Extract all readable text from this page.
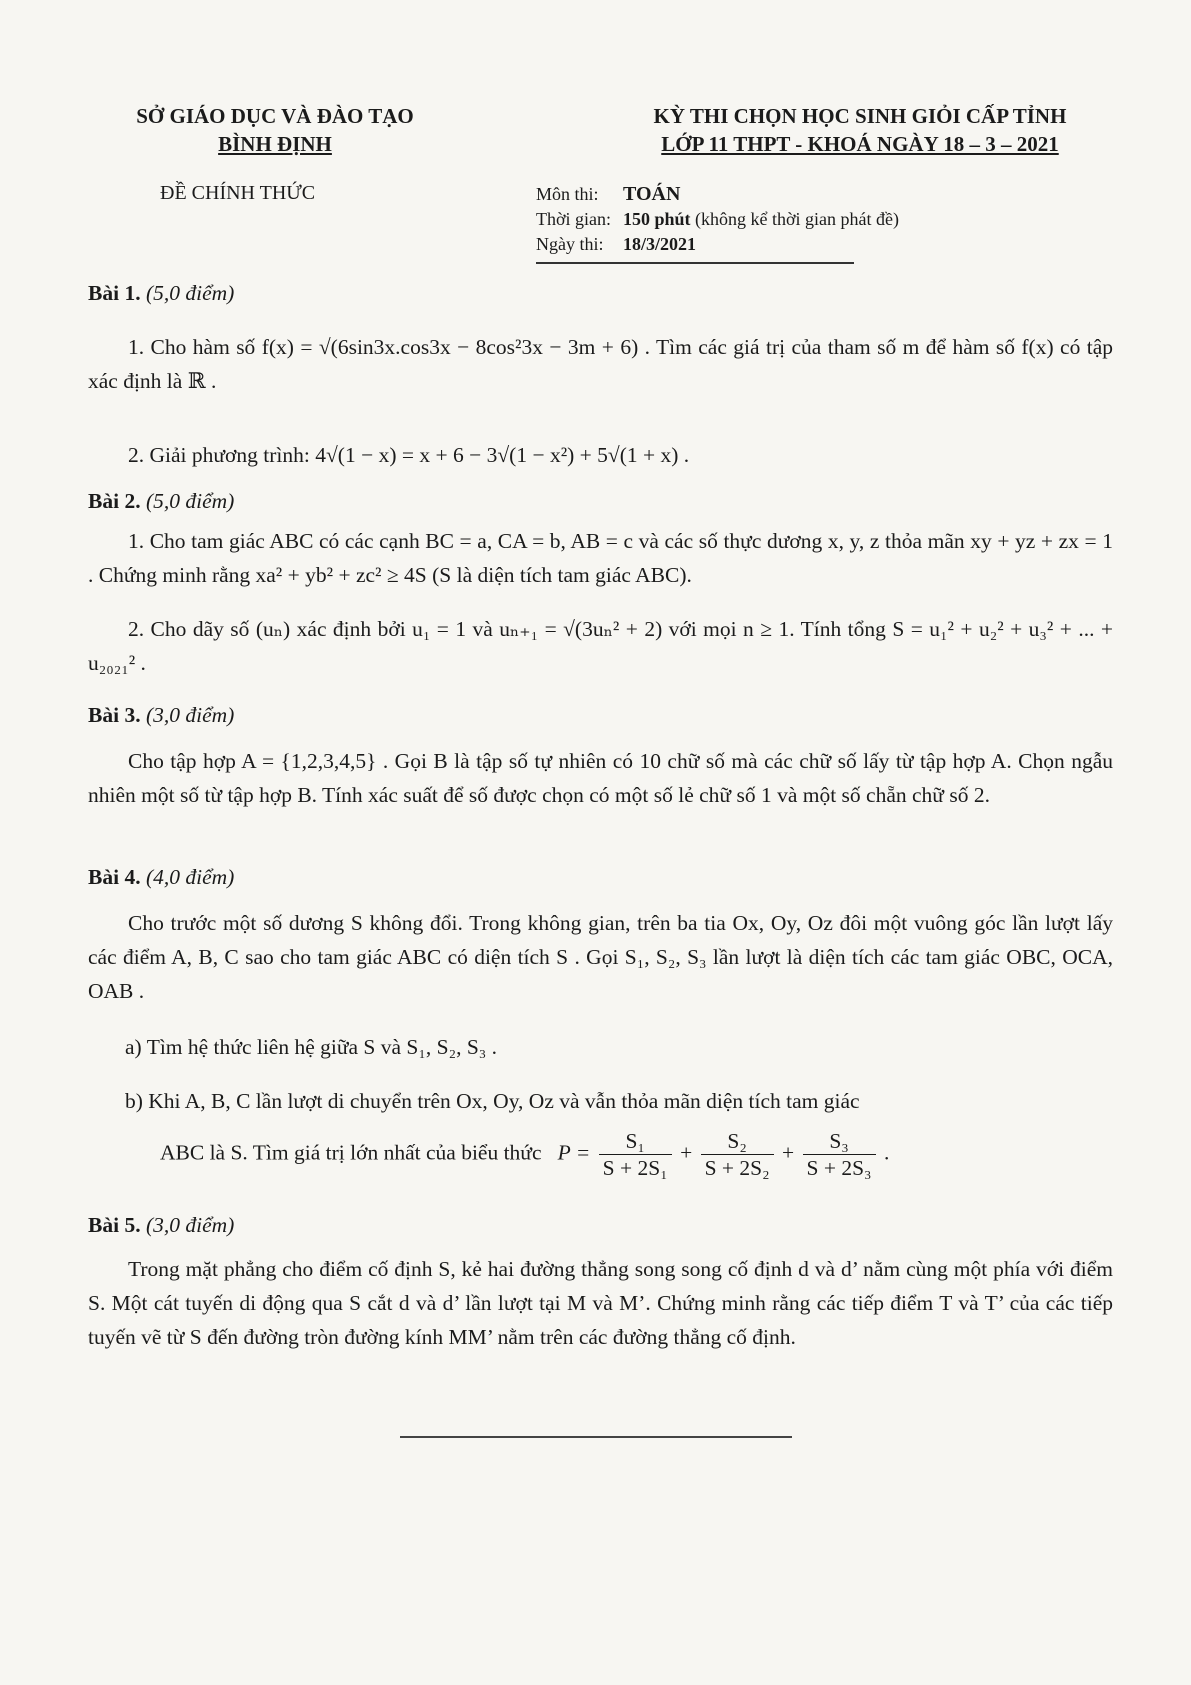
SỞ GIÁO DỤC VÀ ĐÀO TẠO
BÌNH ĐỊNH
KỲ THI CHỌN HỌC SINH GIỎI CẤP TỈNH
LỚP 11 THPT - KHOÁ NGÀY 18 – 3 – 2021
ĐỀ CHÍNH THỨC	Môn thi:	TOÁN
Thời gian:	150 phút (không kể thời gian phát đề)
Ngày thi:	18/3/2021
Bài 1. (5,0 điểm)
1. Cho hàm số f(x) = √(6sin3x.cos3x − 8cos²3x − 3m + 6) . Tìm các giá trị của tham số m để hàm số f(x) có tập xác định là ℝ .
2. Giải phương trình: 4√(1 − x) = x + 6 − 3√(1 − x²) + 5√(1 + x) .
Bài 2. (5,0 điểm)
1. Cho tam giác ABC có các cạnh BC = a, CA = b, AB = c và các số thực dương x, y, z thỏa mãn xy + yz + zx = 1 . Chứng minh rằng xa² + yb² + zc² ≥ 4S (S là diện tích tam giác ABC).
2. Cho dãy số (uₙ) xác định bởi u₁ = 1 và uₙ₊₁ = √(3uₙ² + 2) với mọi n ≥ 1. Tính tổng S = u₁² + u₂² + u₃² + ... + u₂₀₂₁² .
Bài 3. (3,0 điểm)
Cho tập hợp A = {1,2,3,4,5} . Gọi B là tập số tự nhiên có 10 chữ số mà các chữ số lấy từ tập hợp A. Chọn ngẫu nhiên một số từ tập hợp B. Tính xác suất để số được chọn có một số lẻ chữ số 1 và một số chẵn chữ số 2.
Bài 4. (4,0 điểm)
Cho trước một số dương S không đổi. Trong không gian, trên ba tia Ox, Oy, Oz đôi một vuông góc lần lượt lấy các điểm A, B, C sao cho tam giác ABC có diện tích S . Gọi S₁, S₂, S₃ lần lượt là diện tích các tam giác OBC, OCA, OAB .
a) Tìm hệ thức liên hệ giữa S và S₁, S₂, S₃ .
b) Khi A, B, C lần lượt di chuyển trên Ox, Oy, Oz và vẫn thỏa mãn diện tích tam giác
ABC là S. Tìm giá trị lớn nhất của biểu thức $P = \frac{\text{S₁}}{\text{S + 2S₁}} + \frac{\text{S₂}}{\text{S + 2S₂}} + \frac{\text{S₃}}{\text{S + 2S₃}}$ .
Bài 5. (3,0 điểm)
Trong mặt phẳng cho điểm cố định S, kẻ hai đường thẳng song song cố định d và d’ nằm cùng một phía với điểm S. Một cát tuyến di động qua S cắt d và d’ lần lượt tại M và M’. Chứng minh rằng các tiếp điểm T và T’ của các tiếp tuyến vẽ từ S đến đường tròn đường kính MM’ nằm trên các đường thẳng cố định.
